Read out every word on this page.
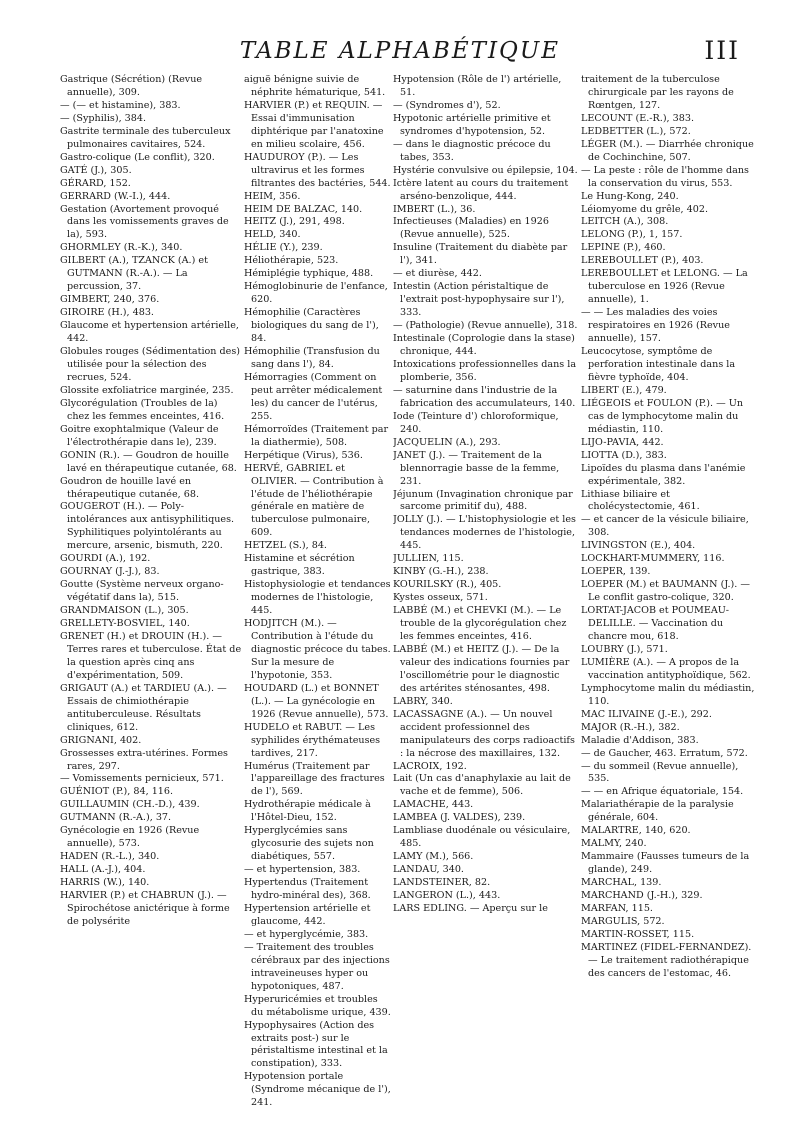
TABLE ALPHABÉTIQUE	III
Gastrique (Sécrétion) (Revue annuelle), 309.
— (— et histamine), 383.
— (Syphilis), 384.
Gastrite terminale des tuberculeux pulmonaires cavitaires, 524.
Gastro-colique (Le conflit), 320.
GATÉ (J.), 305.
GÉRARD, 152.
GERRARD (W.-I.), 444.
Gestation (Avortement provoqué dans les vomissements graves de la), 593.
GHORMLEY (R.-K.), 340.
GILBERT (A.), TZANCK (A.) et GUTMANN (R.-A.). — La percussion, 37.
GIMBERT, 240, 376.
GIROIRE (H.), 483.
Glaucome et hypertension artérielle, 442.
Globules rouges (Sédimentation des) utilisée pour la sélection des recrues, 524.
Glossite exfoliatrice marginée, 235.
Glycorégulation (Troubles de la) chez les femmes enceintes, 416.
Goitre exophtalmique (Valeur de l'électrothérapie dans le), 239.
GONIN (R.). — Goudron de houille lavé en thérapeutique cutanée, 68.
Goudron de houille lavé en thérapeutique cutanée, 68.
GOUGEROT (H.). — Poly-intolérances aux antisyphilitiques. Syphilitiques polyintolérants au mercure, arsenic, bismuth, 220.
GOURDI (A.), 192.
GOURNAY (J.-J.), 83.
Goutte (Système nerveux organo-végétatif dans la), 515.
GRANDMAISON (L.), 305.
GRELLETY-BOSVIEL, 140.
GRENET (H.) et DROUIN (H.). — Terres rares et tuberculose. État de la question après cinq ans d'expérimentation, 509.
GRIGAUT (A.) et TARDIEU (A.). — Essais de chimiothérapie antituberculeuse. Résultats cliniques, 612.
GRIGNANI, 402.
Grossesses extra-utérines. Formes rares, 297.
— Vomissements pernicieux, 571.
GUÉNIOT (P.), 84, 116.
GUILLAUMIN (CH.-D.), 439.
GUTMANN (R.-A.), 37.
Gynécologie en 1926 (Revue annuelle), 573.
HADEN (R.-L.), 340.
HALL (A.-J.), 404.
HARRIS (W.), 140.
HARVIER (P.) et CHABRUN (J.). — Spirochétose anictérique à forme de polysérite
aiguë bénigne suivie de néphrite hématurique, 541.
HARVIER (P.) et REQUIN. — Essai d'immunisation diphtérique par l'anatoxine en milieu scolaire, 456.
HAUDUROY (P.). — Les ultravirus et les formes filtrantes des bactéries, 544.
HEIM, 356.
HEIM DE BALZAC, 140.
HEITZ (J.), 291, 498.
HELD, 340.
HÉLIE (Y.), 239.
Héliothérapie, 523.
Hémiplégie typhique, 488.
Hémoglobinurie de l'enfance, 620.
Hémophilie (Caractères biologiques du sang de l'), 84.
Hémophilie (Transfusion du sang dans l'), 84.
Hémorragies (Comment on peut arrêter médicalement les) du cancer de l'utérus, 255.
Hémorroïdes (Traitement par la diathermie), 508.
Herpétique (Virus), 536.
HERVÉ, GABRIEL et OLIVIER. — Contribution à l'étude de l'héliothérapie générale en matière de tuberculose pulmonaire, 609.
HETZEL (S.), 84.
Histamine et sécrétion gastrique, 383.
Histophysiologie et tendances modernes de l'histologie, 445.
HODJITCH (M.). — Contribution à l'étude du diagnostic précoce du tabes. Sur la mesure de l'hypotonie, 353.
HOUDARD (L.) et BONNET (L.). — La gynécologie en 1926 (Revue annuelle), 573.
HUDELO et RABUT. — Les syphilides érythémateuses tardives, 217.
Humérus (Traitement par l'appareillage des fractures de l'), 569.
Hydrothérapie médicale à l'Hôtel-Dieu, 152.
Hyperglycémies sans glycosurie des sujets non diabétiques, 557.
— et hypertension, 383.
Hypertendus (Traitement hydro-minéral des), 368.
Hypertension artérielle et glaucome, 442.
— et hyperglycémie, 383.
— Traitement des troubles cérébraux par des injections intraveineuses hyper ou hypotoniques, 487.
Hyperuricémies et troubles du métabolisme urique, 439.
Hypophysaires (Action des extraits post-) sur le péristaltisme intestinal et la constipation), 333.
Hypotension portale (Syndrome mécanique de l'), 241.
Hypotension (Rôle de l') artérielle, 51.
— (Syndromes d'), 52.
Hypotonic artérielle primitive et syndromes d'hypotension, 52.
— dans le diagnostic précoce du tabes, 353.
Hystérie convulsive ou épilepsie, 104.
Ictère latent au cours du traitement arséno-benzolique, 444.
IMBERT (L.), 36.
Infectieuses (Maladies) en 1926 (Revue annuelle), 525.
Insuline (Traitement du diabète par l'), 341.
— et diurèse, 442.
Intestin (Action péristaltique de l'extrait post-hypophysaire sur l'), 333.
— (Pathologie) (Revue annuelle), 318.
Intestinale (Coprologie dans la stase) chronique, 444.
Intoxications professionnelles dans la plomberie, 356.
— saturnine dans l'industrie de la fabrication des accumulateurs, 140.
Iode (Teinture d') chloroformique, 240.
JACQUELIN (A.), 293.
JANET (J.). — Traitement de la blennorragie basse de la femme, 231.
Jéjunum (Invagination chronique par sarcome primitif du), 488.
JOLLY (J.). — L'histophysiologie et les tendances modernes de l'histologie, 445.
JULLIEN, 115.
KINBY (G.-H.), 238.
KOURILSKY (R.), 405.
Kystes osseux, 571.
LABBÉ (M.) et CHEVKI (M.). — Le trouble de la glycorégulation chez les femmes enceintes, 416.
LABBÉ (M.) et HEITZ (J.). — De la valeur des indications fournies par l'oscillométrie pour le diagnostic des artérites sténosantes, 498.
LABRY, 340.
LACASSAGNE (A.). — Un nouvel accident professionnel des manipulateurs des corps radioactifs : la nécrose des maxillaires, 132.
LACROIX, 192.
Lait (Un cas d'anaphylaxie au lait de vache et de femme), 506.
LAMACHE, 443.
LAMBEA (J. VALDES), 239.
Lambliase duodénale ou vésiculaire, 485.
LAMY (M.), 566.
LANDAU, 340.
LANDSTEINER, 82.
LANGERON (L.), 443.
LARS EDLING. — Aperçu sur le
traitement de la tuberculose chirurgicale par les rayons de Rœntgen, 127.
LECOUNT (E.-R.), 383.
LEDBETTER (L.), 572.
LÉGER (M.). — Diarrhée chronique de Cochinchine, 507.
— La peste : rôle de l'homme dans la conservation du virus, 553.
Le Hung-Kong, 240.
Léiomyome du grêle, 402.
LEITCH (A.), 308.
LELONG (P.), 1, 157.
LEPINE (P.), 460.
LEREBOULLET (P.), 403.
LEREBOULLET et LELONG. — La tuberculose en 1926 (Revue annuelle), 1.
— — Les maladies des voies respiratoires en 1926 (Revue annuelle), 157.
Leucocytose, symptôme de perforation intestinale dans la fièvre typhoïde, 404.
LIBERT (E.), 479.
LIÉGEOIS et FOULON (P.). — Un cas de lymphocytome malin du médiastin, 110.
LIJO-PAVIA, 442.
LIOTTA (D.), 383.
Lipoïdes du plasma dans l'anémie expérimentale, 382.
Lithiase biliaire et cholécystectomie, 461.
— et cancer de la vésicule biliaire, 308.
LIVINGSTON (E.), 404.
LOCKHART-MUMMERY, 116.
LOEPER, 139.
LOEPER (M.) et BAUMANN (J.). — Le conflit gastro-colique, 320.
LORTAT-JACOB et POUMEAU-DELILLE. — Vaccination du chancre mou, 618.
LOUBRY (J.), 571.
LUMIÈRE (A.). — A propos de la vaccination antityphoïdique, 562.
Lymphocytome malin du médiastin, 110.
MAC ILIVAINE (J.-E.), 292.
MAJOR (R.-H.), 382.
Maladie d'Addison, 383.
— de Gaucher, 463. Erratum, 572.
— du sommeil (Revue annuelle), 535.
— — en Afrique équatoriale, 154.
Malariathérapie de la paralysie générale, 604.
MALARTRE, 140, 620.
MALMY, 240.
Mammaire (Fausses tumeurs de la glande), 249.
MARCHAL, 139.
MARCHAND (J.-H.), 329.
MARFAN, 115.
MARGULIS, 572.
MARTIN-ROSSET, 115.
MARTINEZ (FIDEL-FERNANDEZ). — Le traitement radiothérapique des cancers de l'estomac, 46.
